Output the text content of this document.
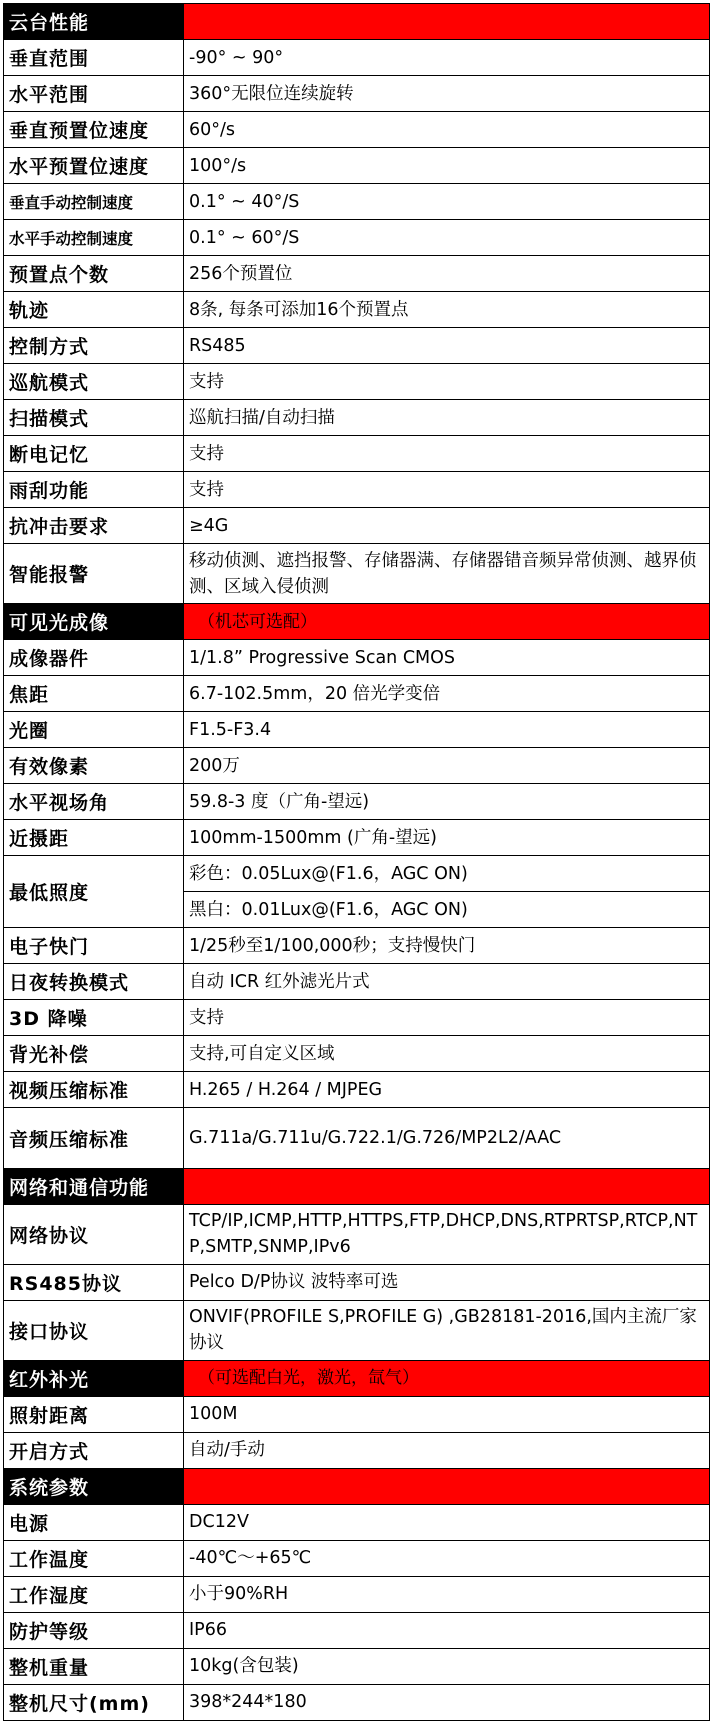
云台性能	
垂直范围	-90° ~ 90°
水平范围	360°无限位连续旋转
垂直预置位速度	60°/s
水平预置位速度	100°/s
垂直手动控制速度	0.1° ~ 40°/S
水平手动控制速度	0.1° ~ 60°/S
预置点个数	256个预置位
轨迹	8条, 每条可添加16个预置点
控制方式	RS485
巡航模式	支持
扫描模式	巡航扫描/自动扫描
断电记忆	支持
雨刮功能	支持
抗冲击要求	≥4G
智能报警	移动侦测、遮挡报警、存储器满、存储器错音频异常侦测、越界侦测、区域入侵侦测
可见光成像	（机芯可选配）
成像器件	1/1.8” Progressive Scan CMOS
焦距	6.7-102.5mm，20 倍光学变倍
光圈	F1.5-F3.4
有效像素	200万
水平视场角	59.8-3 度（广角-望远)
近摄距	100mm-1500mm (广角-望远)
最低照度	彩色：0.05Lux@(F1.6，AGC ON)
	黑白：0.01Lux@(F1.6，AGC ON)
电子快门	1/25秒至1/100,000秒；支持慢快门
日夜转换模式	自动 ICR 红外滤光片式
3D 降噪	支持
背光补偿	支持,可自定义区域
视频压缩标准	H.265 / H.264 / MJPEG
音频压缩标准	G.711a/G.711u/G.722.1/G.726/MP2L2/AAC
网络和通信功能	
网络协议	TCP/IP,ICMP,HTTP,HTTPS,FTP,DHCP,DNS,RTPRTSP,RTCP,NTP,SMTP,SNMP,IPv6
RS485协议	Pelco D/P协议 波特率可选
接口协议	ONVIF(PROFILE S,PROFILE G) ,GB28181-2016,国内主流厂家协议
红外补光	（可选配白光，激光，氙气）
照射距离	100M
开启方式	自动/手动
系统参数	
电源	DC12V
工作温度	-40℃～+65℃
工作湿度	小于90%RH
防护等级	IP66
整机重量	10kg(含包装)
整机尺寸(mm)	398*244*180
